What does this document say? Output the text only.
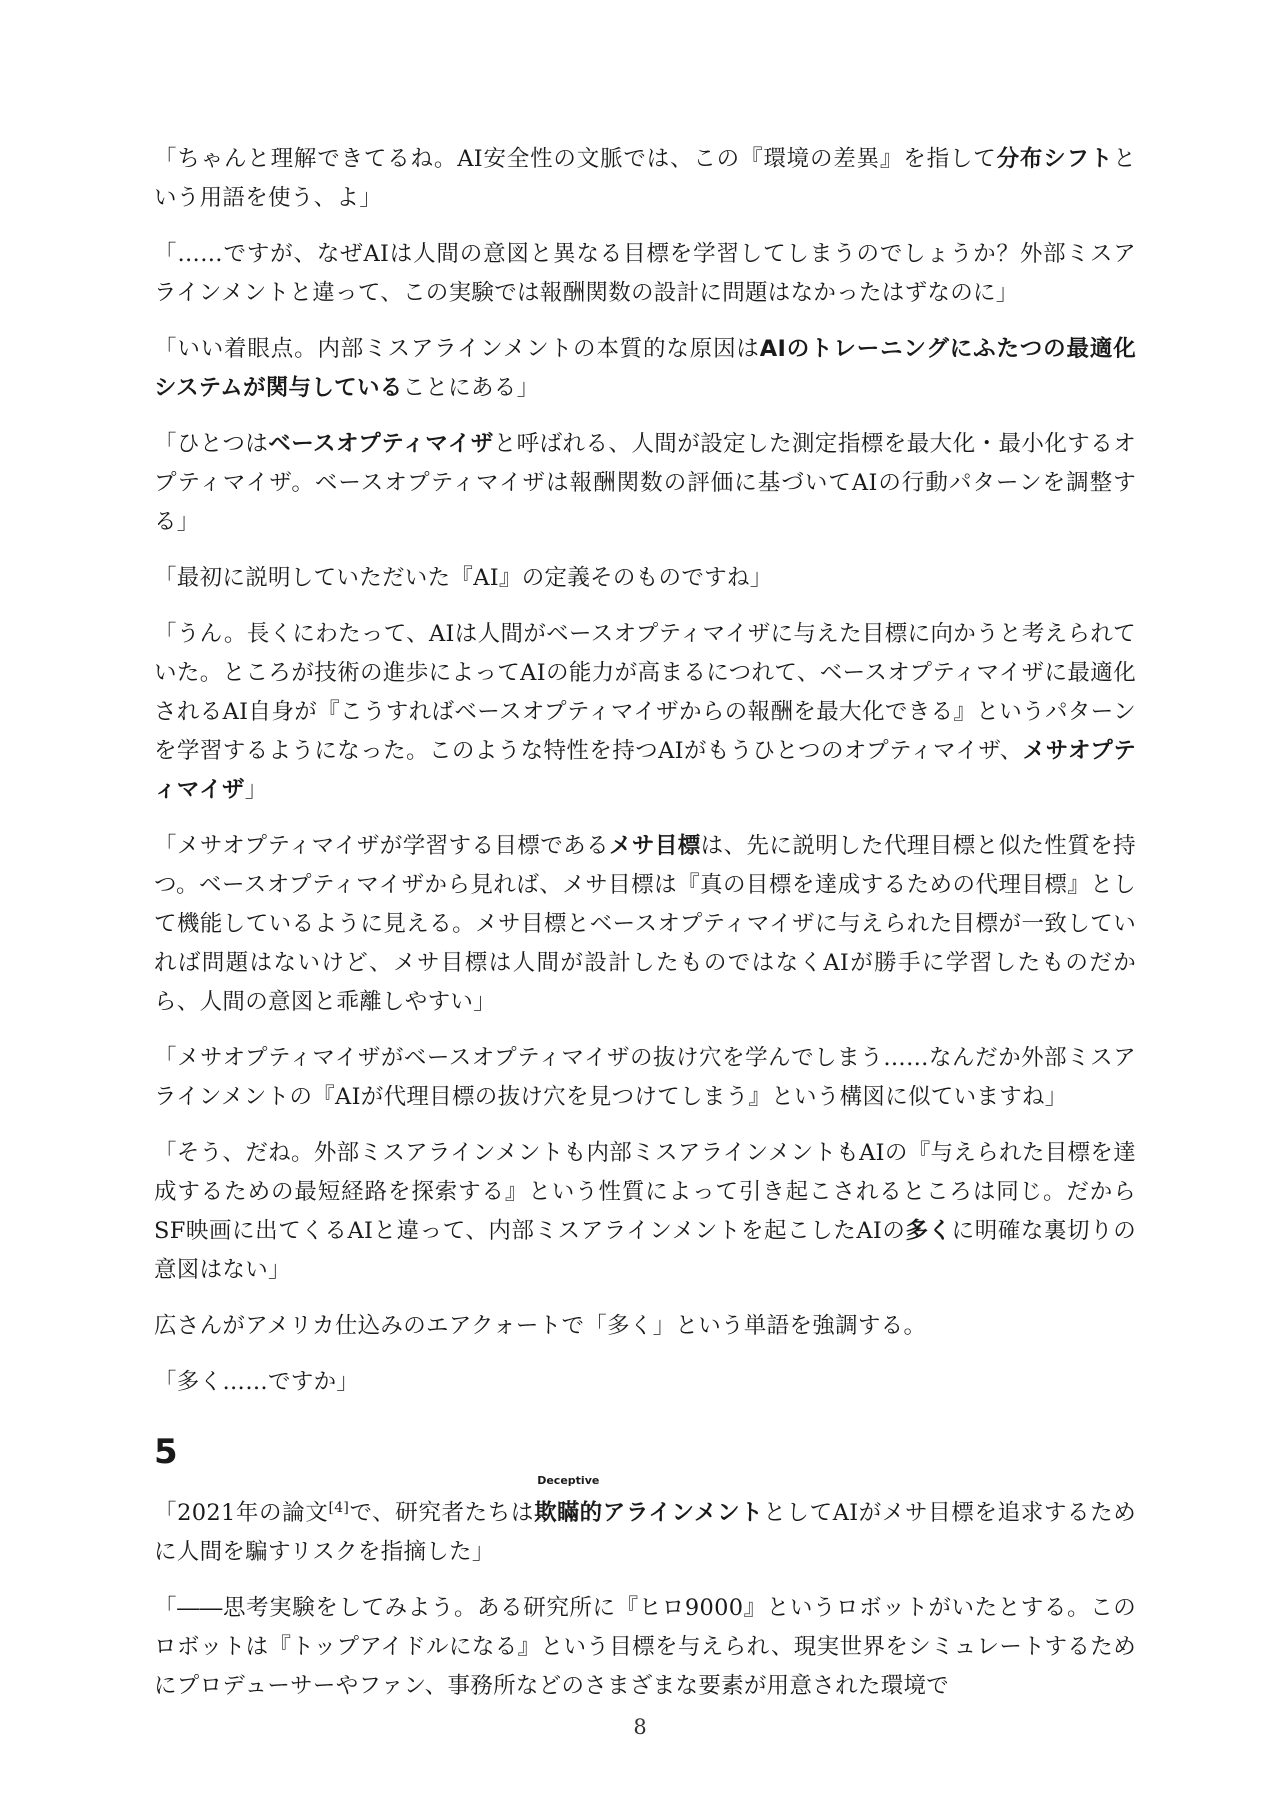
「ちゃんと理解できてるね。AI安全性の文脈では、この『環境の差異』を指して分布シフトという用語を使う、よ」

「……ですが、なぜAIは人間の意図と異なる目標を学習してしまうのでしょうか？外部ミスアラインメントと違って、この実験では報酬関数の設計に問題はなかったはずなのに」

「いい着眼点。内部ミスアラインメントの本質的な原因はAIのトレーニングにふたつの最適化システムが関与していることにある」

「ひとつはベースオプティマイザと呼ばれる、人間が設定した測定指標を最大化・最小化するオプティマイザ。ベースオプティマイザは報酬関数の評価に基づいてAIの行動パターンを調整する」

「最初に説明していただいた『AI』の定義そのものですね」

「うん。長くにわたって、AIは人間がベースオプティマイザに与えた目標に向かうと考えられていた。ところが技術の進歩によってAIの能力が高まるにつれて、ベースオプティマイザに最適化されるAI自身が『こうすればベースオプティマイザからの報酬を最大化できる』というパターンを学習するようになった。このような特性を持つAIがもうひとつのオプティマイザ、メサオプティマイザ」

「メサオプティマイザが学習する目標であるメサ目標は、先に説明した代理目標と似た性質を持つ。ベースオプティマイザから見れば、メサ目標は『真の目標を達成するための代理目標』として機能しているように見える。メサ目標とベースオプティマイザに与えられた目標が一致していれば問題はないけど、メサ目標は人間が設計したものではなくAIが勝手に学習したものだから、人間の意図と乖離しやすい」

「メサオプティマイザがベースオプティマイザの抜け穴を学んでしまう……なんだか外部ミスアラインメントの『AIが代理目標の抜け穴を見つけてしまう』という構図に似ていますね」

「そう、だね。外部ミスアラインメントも内部ミスアラインメントもAIの『与えられた目標を達成するための最短経路を探索する』という性質によって引き起こされるところは同じ。だからSF映画に出てくるAIと違って、内部ミスアラインメントを起こしたAIの多くに明確な裏切りの意図はない」

広さんがアメリカ仕込みのエアクォートで「多く」という単語を強調する。

「多く……ですか」

5

「2021年の論文[4]で、研究者たちは
Deceptive
欺瞞的アラインメントとしてAIがメサ目標を追求するために人間を騙すリスクを指摘した」

「――思考実験をしてみよう。ある研究所に『ヒロ9000』というロボットがいたとする。このロボットは『トップアイドルになる』という目標を与えられ、現実世界をシミュレートするためにプロデューサーやファン、事務所などのさまざまな要素が用意された環境で

8
